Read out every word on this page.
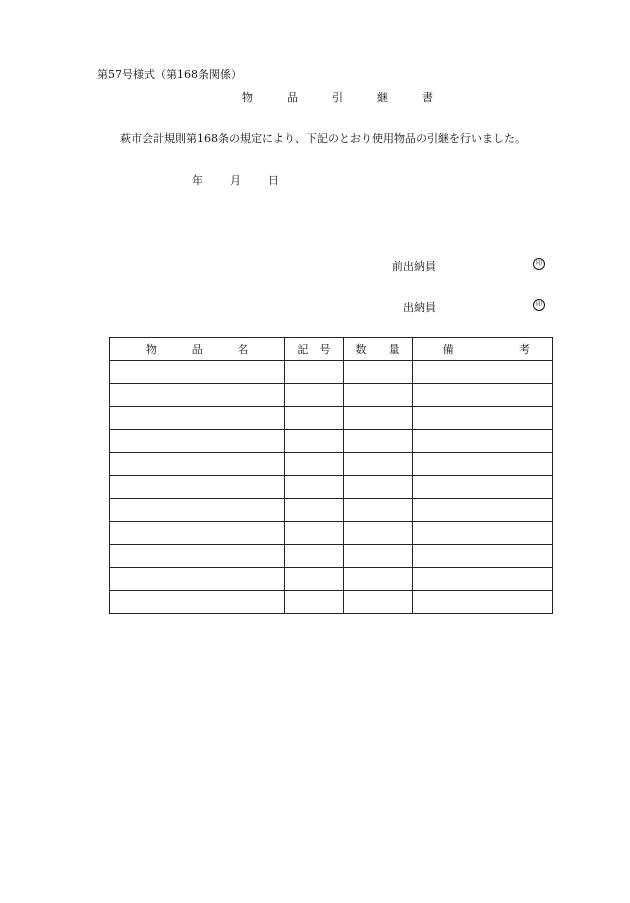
第57号様式（第168条関係）
物	品	引	継	書
萩市会計規則第168条の規定により、下記のとおり使用物品の引継を行いました。
年 月 日
前出納員	印
出納員	印
物 品 名	記 号	数 量	備 考
